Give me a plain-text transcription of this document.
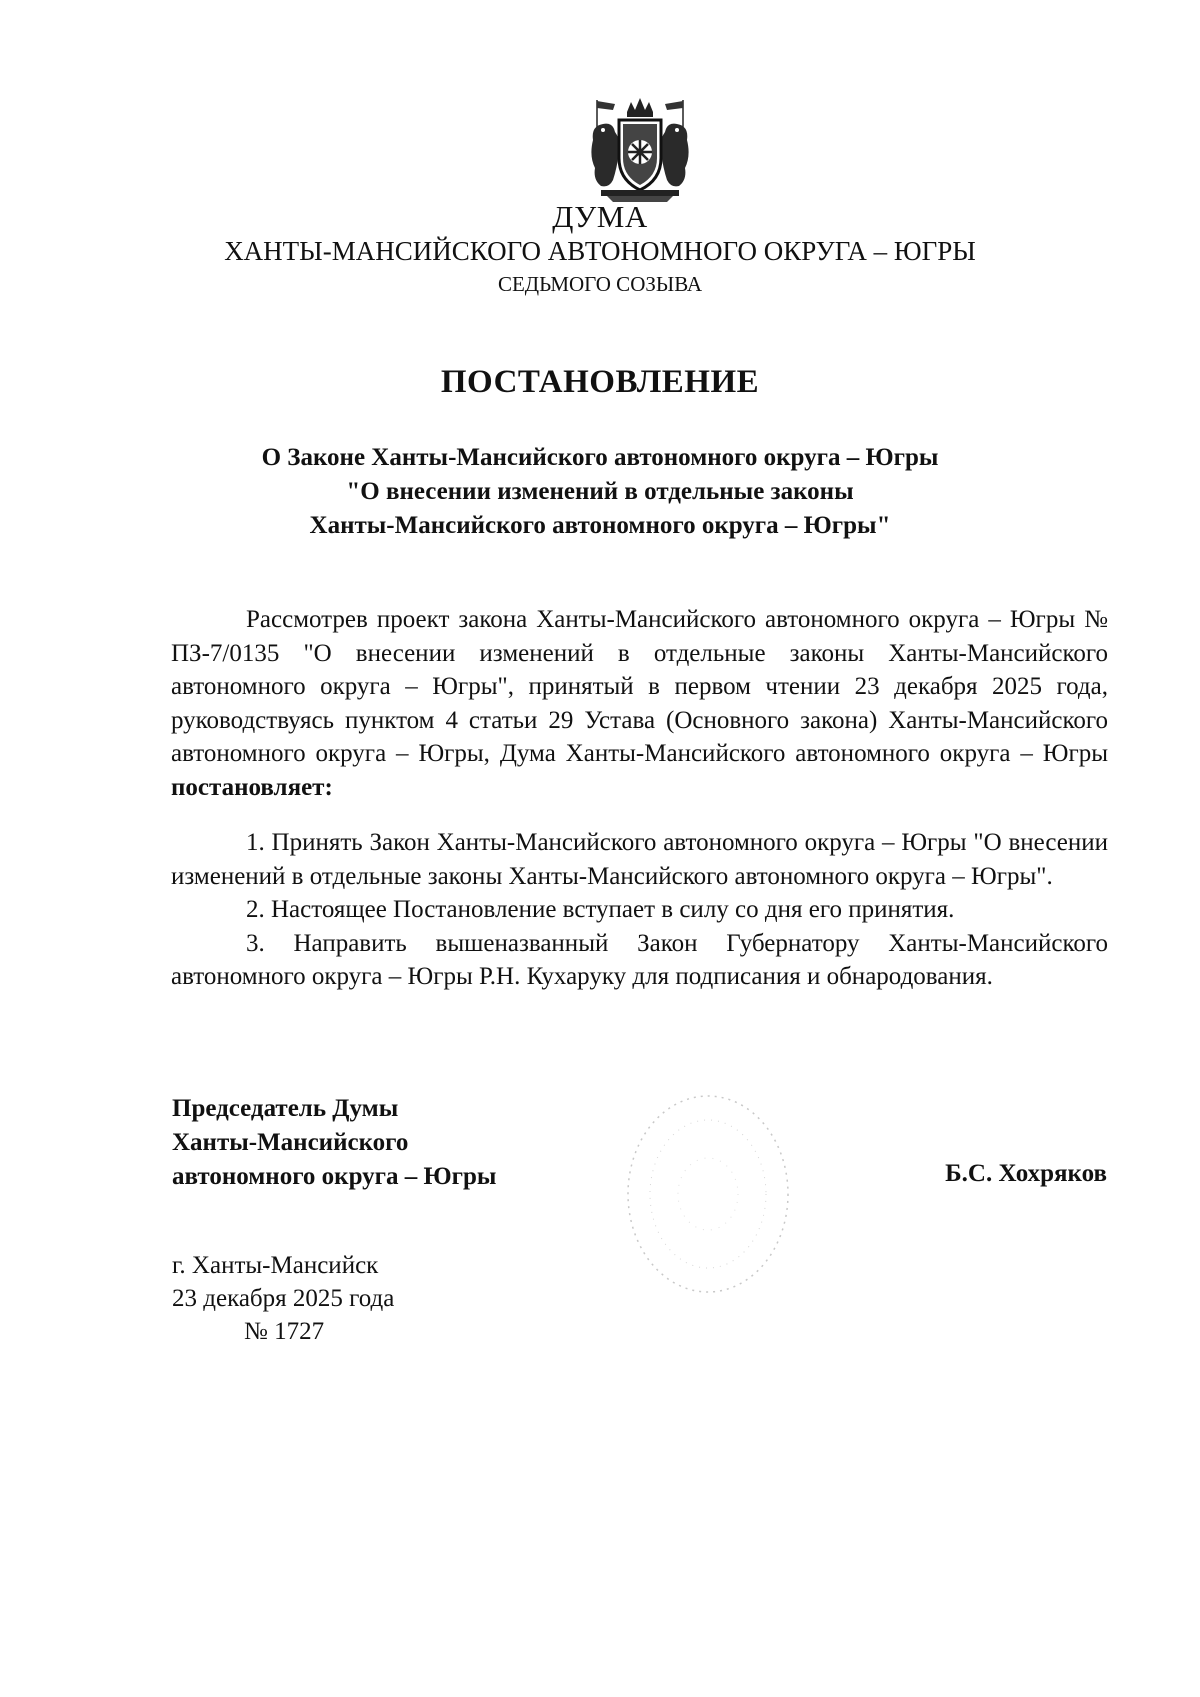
ДУМА
ХАНТЫ-МАНСИЙСКОГО АВТОНОМНОГО ОКРУГА – ЮГРЫ
СЕДЬМОГО СОЗЫВА
ПОСТАНОВЛЕНИЕ
О Законе Ханты-Мансийского автономного округа – Югры
"О внесении изменений в отдельные законы
Ханты-Мансийского автономного округа – Югры"

Рассмотрев проект закона Ханты-Мансийского автономного округа – Югры № ПЗ-7/0135 "О внесении изменений в отдельные законы Ханты-Мансийского автономного округа – Югры", принятый в первом чтении 23 декабря 2025 года, руководствуясь пунктом 4 статьи 29 Устава (Основного закона) Ханты-Мансийского автономного округа – Югры, Дума Ханты-Мансийского автономного округа – Югры постановляет:

1. Принять Закон Ханты-Мансийского автономного округа – Югры "О внесении изменений в отдельные законы Ханты-Мансийского автономного округа – Югры".

2. Настоящее Постановление вступает в силу со дня его принятия.

3. Направить вышеназванный Закон Губернатору Ханты-Мансийского автономного округа – Югры Р.Н. Кухаруку для подписания и обнародования.

Председатель Думы
Ханты-Мансийского
автономного округа – Югры	Б.С. Хохряков
г. Ханты-Мансийск
23 декабря 2025 года
№ 1727
